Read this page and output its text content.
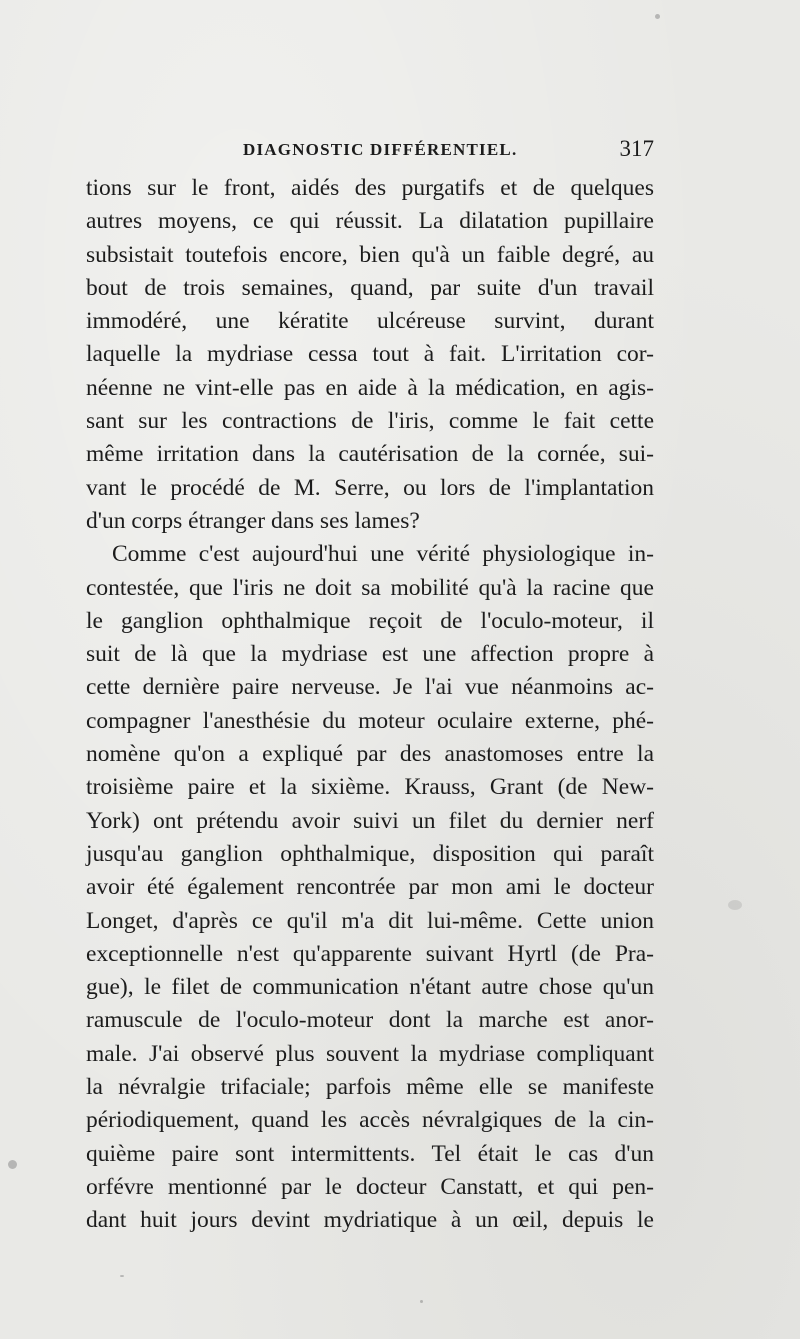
DIAGNOSTIC DIFFÉRENTIEL.	317
tions sur le front, aidés des purgatifs et de quelques
autres moyens, ce qui réussit. La dilatation pupillaire
subsistait toutefois encore, bien qu'à un faible degré, au
bout de trois semaines, quand, par suite d'un travail
immodéré, une kératite ulcéreuse survint, durant
laquelle la mydriase cessa tout à fait. L'irritation cor-
néenne ne vint-elle pas en aide à la médication, en agis-
sant sur les contractions de l'iris, comme le fait cette
même irritation dans la cautérisation de la cornée, sui-
vant le procédé de M. Serre, ou lors de l'implantation
d'un corps étranger dans ses lames?
Comme c'est aujourd'hui une vérité physiologique in-
contestée, que l'iris ne doit sa mobilité qu'à la racine que
le ganglion ophthalmique reçoit de l'oculo-moteur, il
suit de là que la mydriase est une affection propre à
cette dernière paire nerveuse. Je l'ai vue néanmoins ac-
compagner l'anesthésie du moteur oculaire externe, phé-
nomène qu'on a expliqué par des anastomoses entre la
troisième paire et la sixième. Krauss, Grant (de New-
York) ont prétendu avoir suivi un filet du dernier nerf
jusqu'au ganglion ophthalmique, disposition qui paraît
avoir été également rencontrée par mon ami le docteur
Longet, d'après ce qu'il m'a dit lui-même. Cette union
exceptionnelle n'est qu'apparente suivant Hyrtl (de Pra-
gue), le filet de communication n'étant autre chose qu'un
ramuscule de l'oculo-moteur dont la marche est anor-
male. J'ai observé plus souvent la mydriase compliquant
la névralgie trifaciale; parfois même elle se manifeste
périodiquement, quand les accès névralgiques de la cin-
quième paire sont intermittents. Tel était le cas d'un
orfévre mentionné par le docteur Canstatt, et qui pen-
dant huit jours devint mydriatique à un œil, depuis le
